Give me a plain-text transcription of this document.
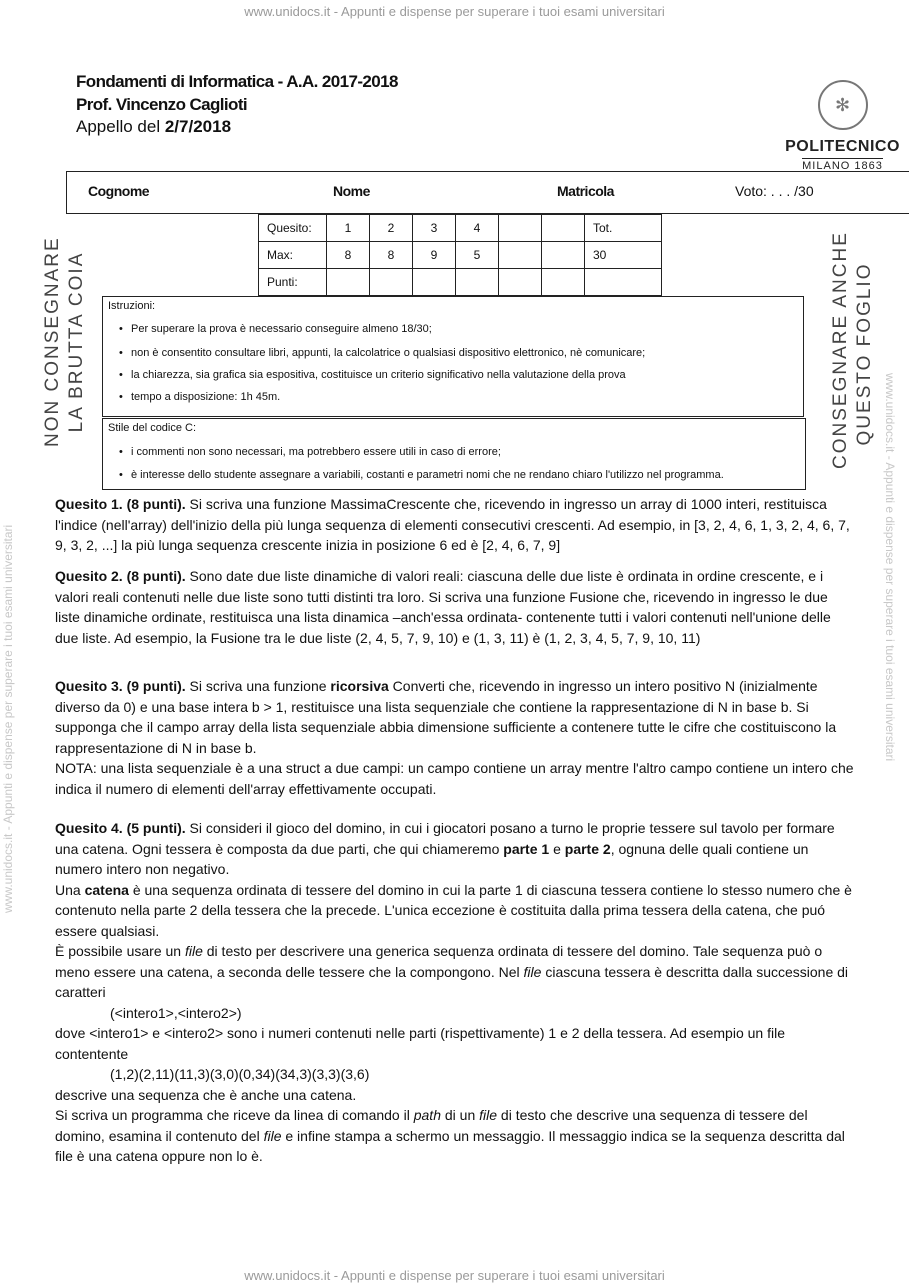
www.unidocs.it - Appunti e dispense per superare i tuoi esami universitari
www.unidocs.it - Appunti e dispense per superare i tuoi esami universitari
www.unidocs.it - Appunti e dispense per superare i tuoi esami universitari	www.unidocs.it - Appunti e dispense per superare i tuoi esami universitari
Fondamenti di Informatica - A.A. 2017-2018
Prof. Vincenzo Caglioti
Appello del 2/7/2018
✻
POLITECNICO
MILANO 1863
Cognome	Nome	Matricola	Voto: . . . /30
Quesito:	1	2	3	4			Tot.
Max:	8	8	9	5			30
Punti:							
NON CONSEGNARE LA BRUTTA COIA	CONSEGNARE ANCHE QUESTO FOGLIO
Istruzioni:
• Per superare la prova è necessario conseguire almeno 18/30;
• non è consentito consultare libri, appunti, la calcolatrice o qualsiasi dispositivo elettronico, nè comunicare;
• la chiarezza, sia grafica sia espositiva, costituisce un criterio significativo nella valutazione della prova
• tempo a disposizione: 1h 45m.
Stile del codice C:
• i commenti non sono necessari, ma potrebbero essere utili in caso di errore;
• è interesse dello studente assegnare a variabili, costanti e parametri nomi che ne rendano chiaro l'utilizzo nel programma.
Quesito 1. (8 punti). Si scriva una funzione MassimaCrescente che, ricevendo in ingresso un array di 1000 interi, restituisca l'indice (nell'array) dell'inizio della più lunga sequenza di elementi consecutivi crescenti. Ad esempio, in [3, 2, 4, 6, 1, 3, 2, 4, 6, 7, 9, 3, 2, ...] la più lunga sequenza crescente inizia in posizione 6 ed è [2, 4, 6, 7, 9]
Quesito 2. (8 punti). Sono date due liste dinamiche di valori reali: ciascuna delle due liste è ordinata in ordine crescente, e i valori reali contenuti nelle due liste sono tutti distinti tra loro. Si scriva una funzione Fusione che, ricevendo in ingresso le due liste dinamiche ordinate, restituisca una lista dinamica –anch'essa ordinata- contenente tutti i valori contenuti nell'unione delle due liste. Ad esempio, la Fusione tra le due liste (2, 4, 5, 7, 9, 10) e (1, 3, 11) è (1, 2, 3, 4, 5, 7, 9, 10, 11)
Quesito 3. (9 punti). Si scriva una funzione ricorsiva Converti che, ricevendo in ingresso un intero positivo N (inizialmente diverso da 0) e una base intera b > 1, restituisce una lista sequenziale che contiene la rappresentazione di N in base b. Si supponga che il campo array della lista sequenziale abbia dimensione sufficiente a contenere tutte le cifre che costituiscono la rappresentazione di N in base b.
NOTA: una lista sequenziale è a una struct a due campi: un campo contiene un array mentre l'altro campo contiene un intero che indica il numero di elementi dell'array effettivamente occupati.
Quesito 4. (5 punti). Si consideri il gioco del domino, in cui i giocatori posano a turno le proprie tessere sul tavolo per formare una catena. Ogni tessera è composta da due parti, che qui chiameremo parte 1 e parte 2, ognuna delle quali contiene un numero intero non negativo.
Una catena è una sequenza ordinata di tessere del domino in cui la parte 1 di ciascuna tessera contiene lo stesso numero che è contenuto nella parte 2 della tessera che la precede. L'unica eccezione è costituita dalla prima tessera della catena, che puó essere qualsiasi.
È possibile usare un file di testo per descrivere una generica sequenza ordinata di tessere del domino. Tale sequenza può o meno essere una catena, a seconda delle tessere che la compongono. Nel file ciascuna tessera è descritta dalla successione di caratteri
(<intero1>,<intero2>)
dove <intero1> e <intero2> sono i numeri contenuti nelle parti (rispettivamente) 1 e 2 della tessera. Ad esempio un file contentente
(1,2)(2,11)(11,3)(3,0)(0,34)(34,3)(3,3)(3,6)
descrive una sequenza che è anche una catena.
Si scriva un programma che riceve da linea di comando il path di un file di testo che descrive una sequenza di tessere del domino, esamina il contenuto del file e infine stampa a schermo un messaggio. Il messaggio indica se la sequenza descritta dal file è una catena oppure non lo è.
